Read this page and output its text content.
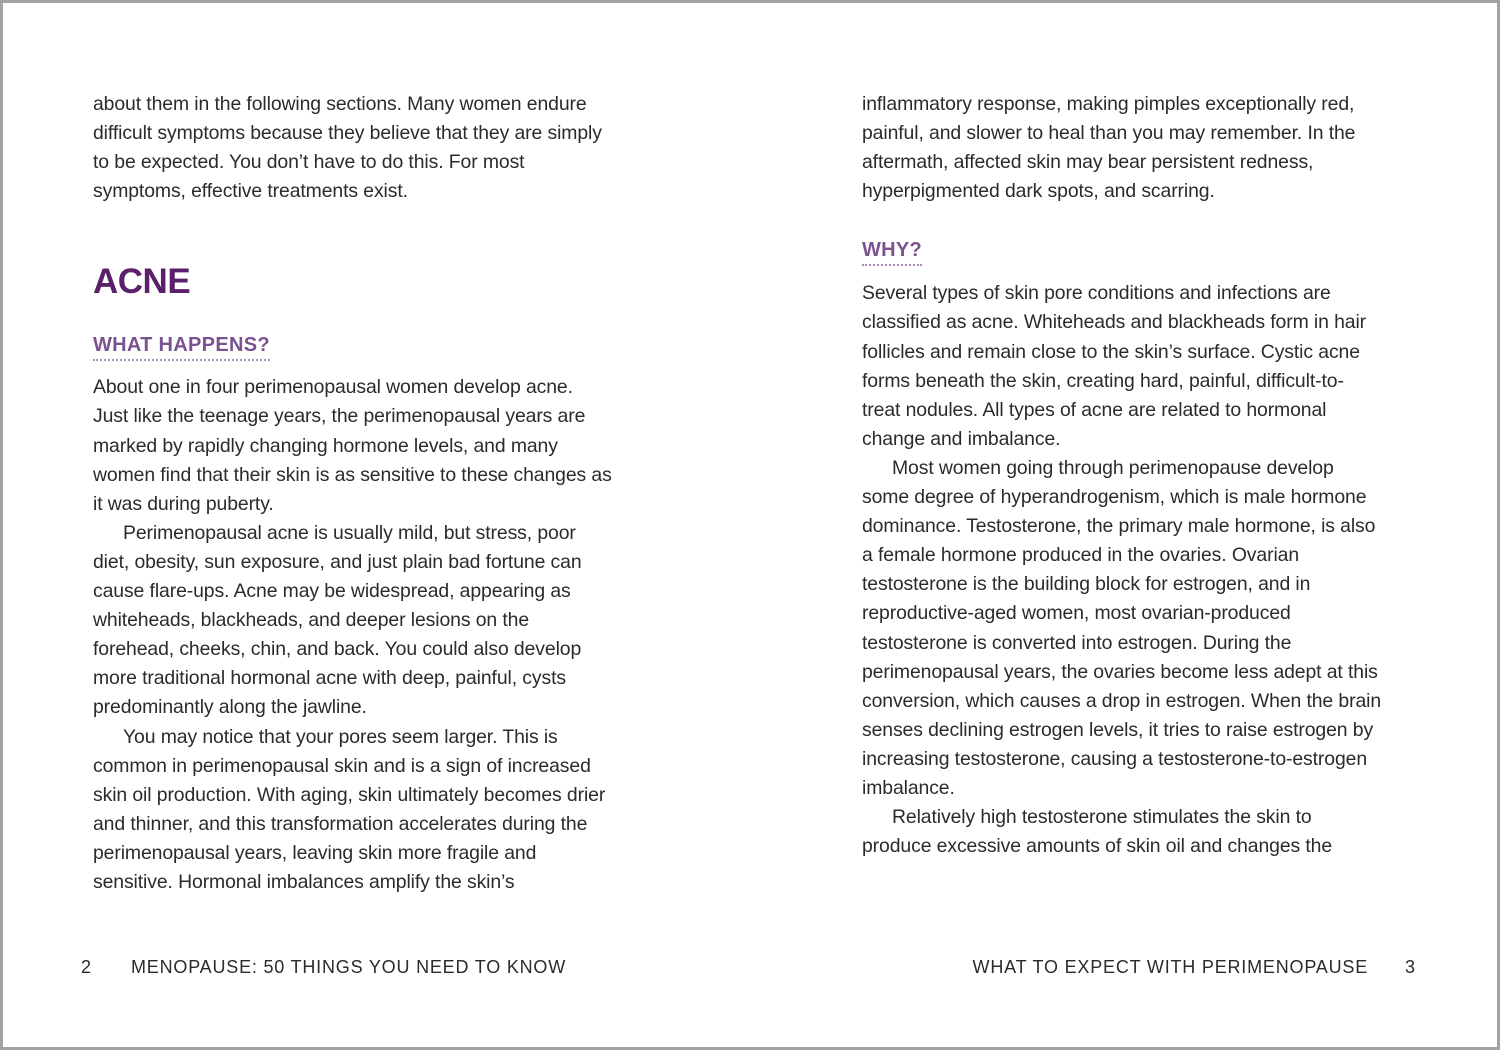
about them in the following sections. Many women endure difficult symptoms because they believe that they are simply to be expected. You don’t have to do this. For most symptoms, effective treatments exist.

ACNE
WHAT HAPPENS?

About one in four perimenopausal women develop acne. Just like the teenage years, the perimenopausal years are marked by rapidly changing hormone levels, and many women find that their skin is as sensitive to these changes as it was during puberty.

Perimenopausal acne is usually mild, but stress, poor diet, obesity, sun exposure, and just plain bad fortune can cause flare-ups. Acne may be widespread, appearing as whiteheads, blackheads, and deeper lesions on the forehead, cheeks, chin, and back. You could also develop more traditional hormonal acne with deep, painful, cysts predominantly along the jawline.

You may notice that your pores seem larger. This is common in perimenopausal skin and is a sign of increased skin oil production. With aging, skin ultimately becomes drier and thinner, and this transformation accelerates during the perimenopausal years, leaving skin more fragile and sensitive. Hormonal imbalances amplify the skin’s

inflammatory response, making pimples exceptionally red, painful, and slower to heal than you may remember. In the aftermath, affected skin may bear persistent redness, hyperpigmented dark spots, and scarring.

WHY?

Several types of skin pore conditions and infections are classified as acne. Whiteheads and blackheads form in hair follicles and remain close to the skin’s surface. Cystic acne forms beneath the skin, creating hard, painful, difficult-to-treat nodules. All types of acne are related to hormonal change and imbalance.

Most women going through perimenopause develop some degree of hyperandrogenism, which is male hormone dominance. Testosterone, the primary male hormone, is also a female hormone produced in the ovaries. Ovarian testosterone is the building block for estrogen, and in reproductive-aged women, most ovarian-produced testosterone is converted into estrogen. During the perimenopausal years, the ovaries become less adept at this conversion, which causes a drop in estrogen. When the brain senses declining estrogen levels, it tries to raise estrogen by increasing testosterone, causing a testosterone-to-estrogen imbalance.

Relatively high testosterone stimulates the skin to produce excessive amounts of skin oil and changes the

2 MENOPAUSE: 50 THINGS YOU NEED TO KNOW	WHAT TO EXPECT WITH PERIMENOPAUSE 3
